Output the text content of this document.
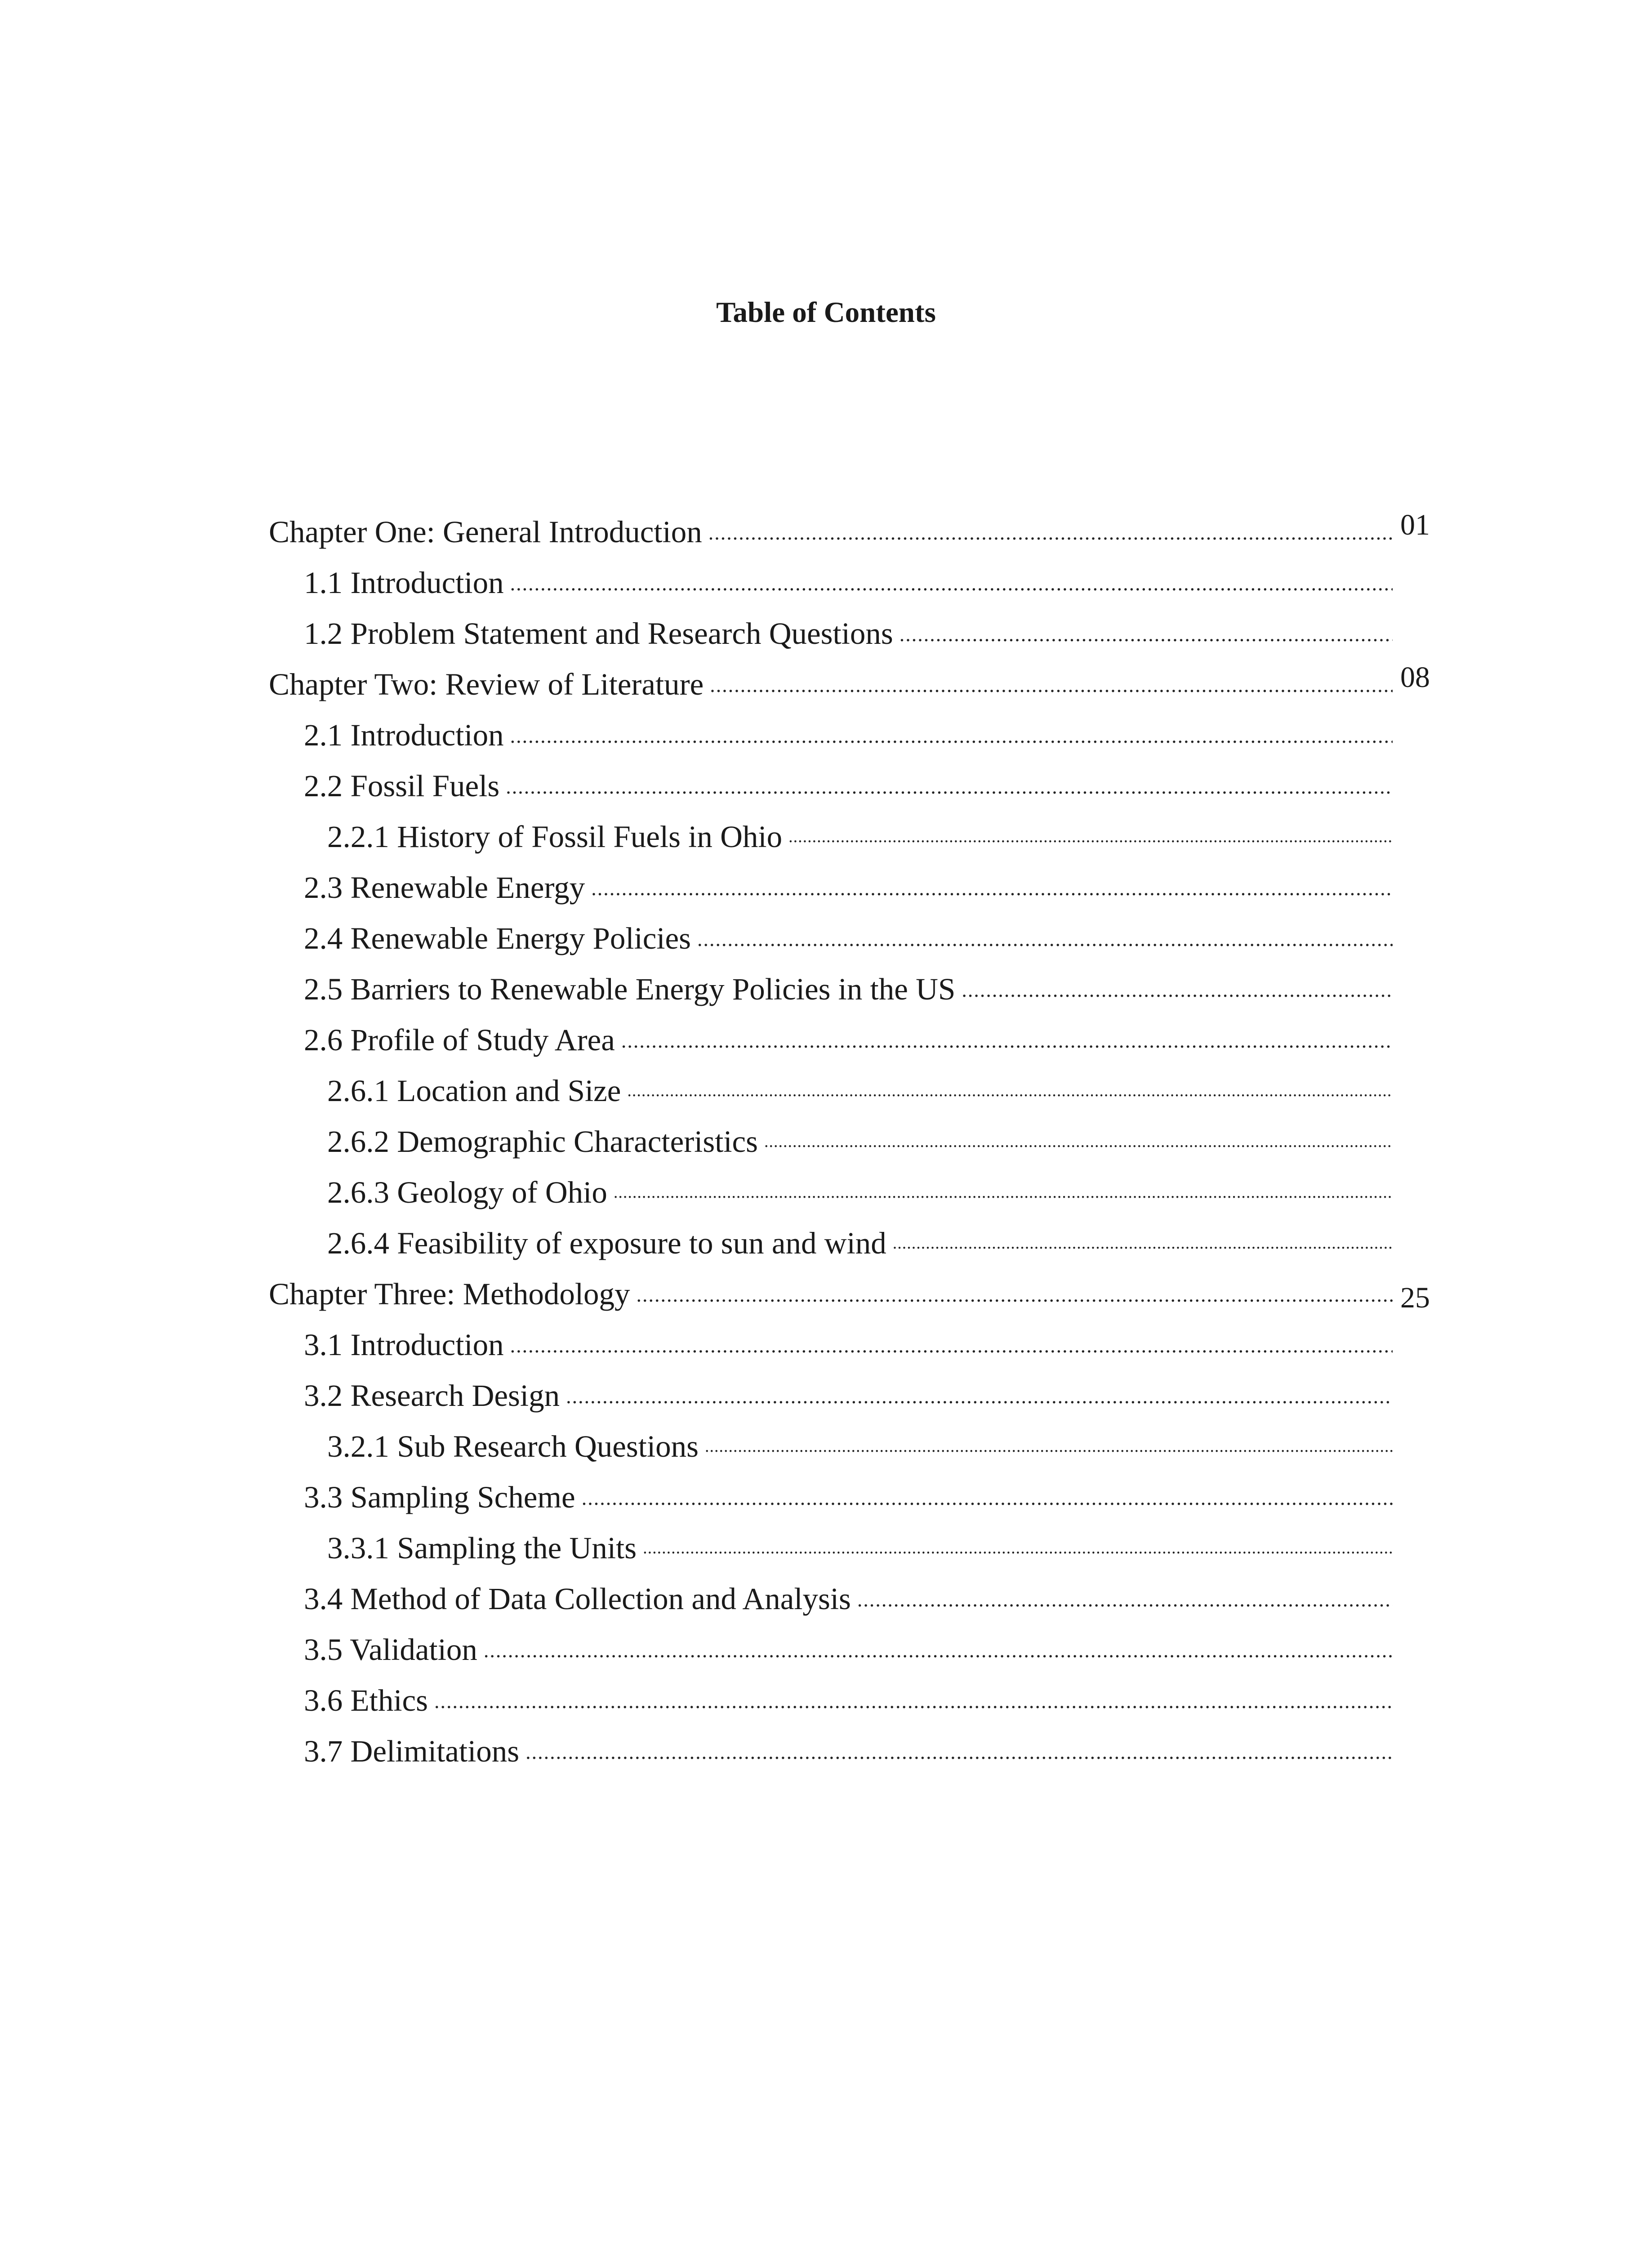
Table of Contents
Chapter One: General Introduction
.....
1.1 Introduction
.....
1.2 Problem Statement and Research Questions
.....
Chapter Two: Review of Literature
.....
2.1 Introduction
.....
2.2 Fossil Fuels
.....
2.2.1 History of Fossil Fuels in Ohio
.....
2.3 Renewable Energy
.....
2.4 Renewable Energy Policies
.....
2.5 Barriers to Renewable Energy Policies in the US
.....
2.6 Profile of Study Area
.....
2.6.1 Location and Size
.....
2.6.2 Demographic Characteristics
.....
2.6.3 Geology of Ohio
.....
2.6.4 Feasibility of exposure to sun and wind
.....
Chapter Three: Methodology
.....
3.1 Introduction
.....
3.2 Research Design
.....
3.2.1 Sub Research Questions
.....
3.3 Sampling Scheme
.....
3.3.1 Sampling the Units
.....
3.4 Method of Data Collection and Analysis
.....
3.5 Validation
.....
3.6 Ethics
.....
3.7 Delimitations
.....
01
08
25
